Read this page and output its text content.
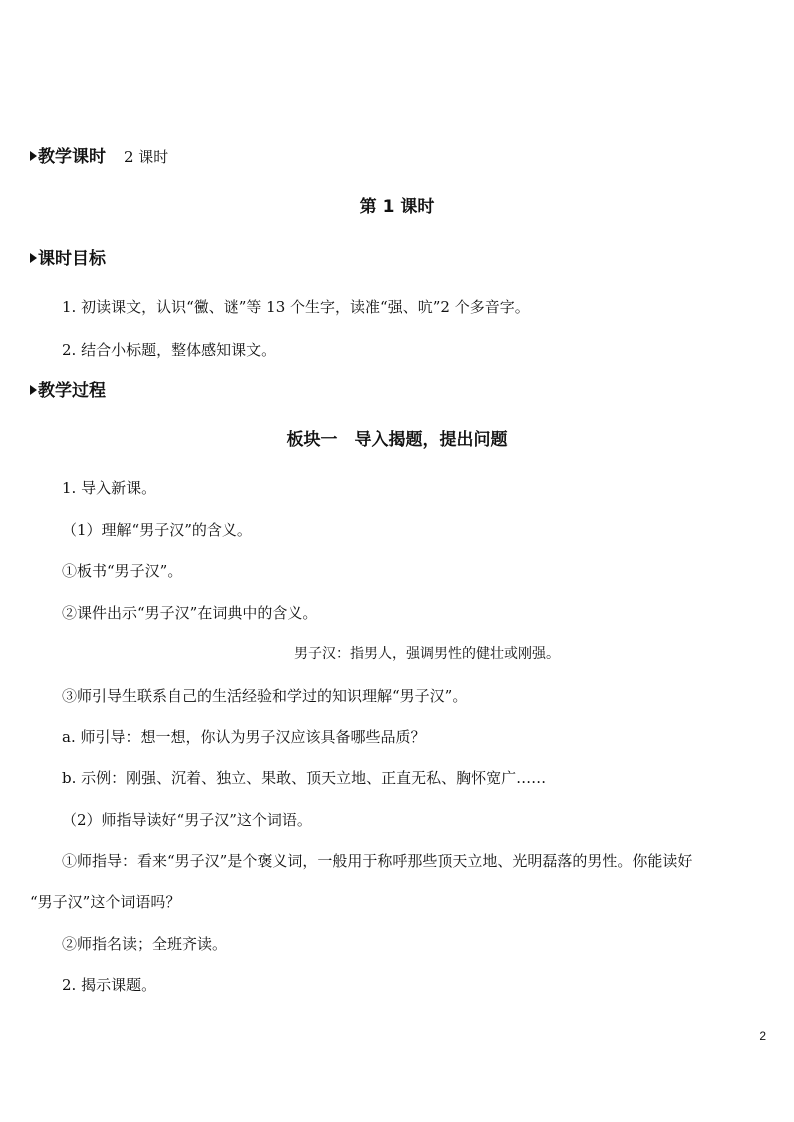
教学课时 2 课时
第 1 课时
课时目标
1. 初读课文，认识“黴、谜”等 13 个生字，读准“强、吭”2 个多音字。
2. 结合小标题，整体感知课文。
教学过程
板块一　导入揭题，提出问题
1. 导入新课。
（1）理解“男子汉”的含义。
①板书“男子汉”。
②课件出示“男子汉”在词典中的含义。
男子汉：指男人，强调男性的健壮或刚强。
③师引导生联系自己的生活经验和学过的知识理解“男子汉”。
a. 师引导：想一想，你认为男子汉应该具备哪些品质？
b. 示例：刚强、沉着、独立、果敢、顶天立地、正直无私、胸怀宽广……
（2）师指导读好“男子汉”这个词语。
①师指导：看来“男子汉”是个褒义词，一般用于称呼那些顶天立地、光明磊落的男性。你能读好
“男子汉”这个词语吗？
②师指名读；全班齐读。
2. 揭示课题。
2
